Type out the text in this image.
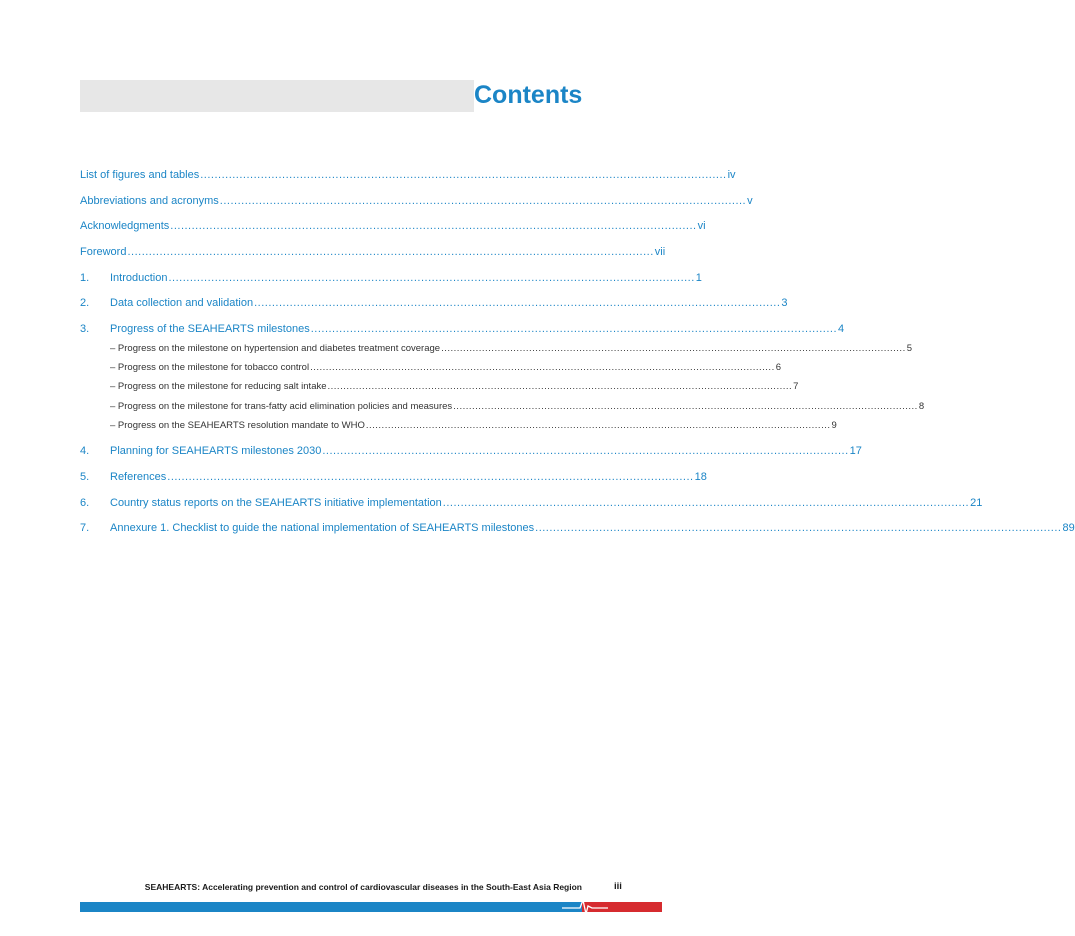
Contents
List of figures and tables .................................................................................................................................................... iv
Abbreviations and acronyms .................................................................................................................................................... v
Acknowledgments .................................................................................................................................................... vi
Foreword .................................................................................................................................................... vii
1.	Introduction .................................................................................................................................................... 1
2.	Data collection and validation .................................................................................................................................................... 3
3.	Progress of the SEAHEARTS milestones .................................................................................................................................................... 4
– Progress on the milestone on hypertension and diabetes treatment coverage .................................................................................................................................................... 5
– Progress on the milestone for tobacco control .................................................................................................................................................... 6
– Progress on the milestone for reducing salt intake .................................................................................................................................................... 7
– Progress on the milestone for trans-fatty acid elimination policies and measures .................................................................................................................................................... 8
– Progress on the SEAHEARTS resolution mandate to WHO .................................................................................................................................................... 9
4.	Planning for SEAHEARTS milestones 2030 .................................................................................................................................................... 17
5.	References .................................................................................................................................................... 18
6.	Country status reports on the SEAHEARTS initiative implementation .................................................................................................................................................... 21
7.	Annexure 1. Checklist to guide the national implementation of SEAHEARTS milestones .................................................................................................................................................... 89
SEAHEARTS: Accelerating prevention and control of cardiovascular diseases in the South-East Asia Region	iii
